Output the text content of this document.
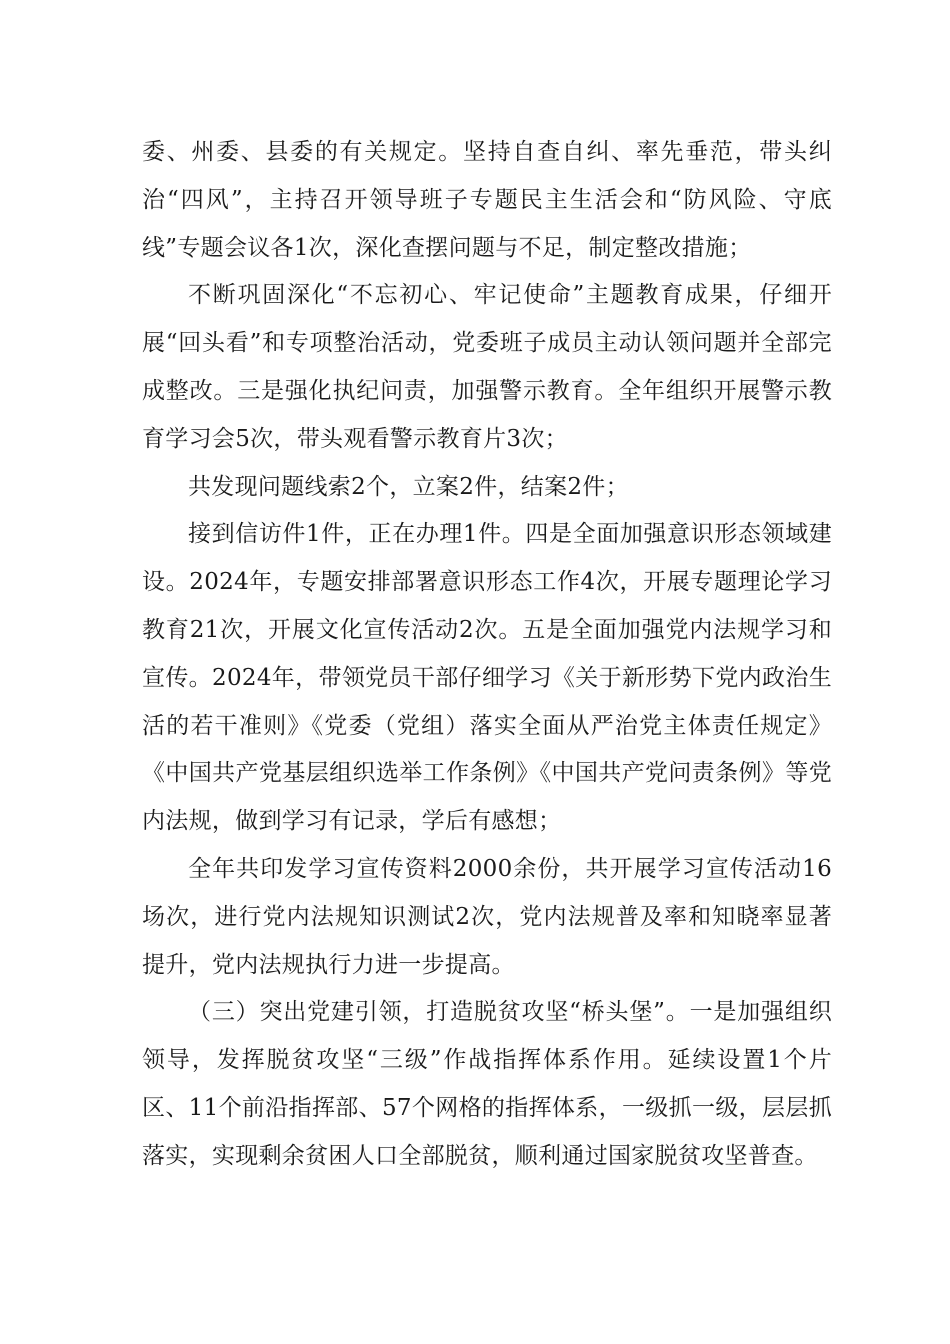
委、州委、县委的有关规定。坚持自查自纠、率先垂范，带头纠治“四风”，主持召开领导班子专题民主生活会和“防风险、守底线”专题会议各1次，深化查摆问题与不足，制定整改措施；

不断巩固深化“不忘初心、牢记使命”主题教育成果，仔细开展“回头看”和专项整治活动，党委班子成员主动认领问题并全部完成整改。三是强化执纪问责，加强警示教育。全年组织开展警示教育学习会5次，带头观看警示教育片3次；

共发现问题线索2个，立案2件，结案2件；

接到信访件1件，正在办理1件。四是全面加强意识形态领域建设。2024年，专题安排部署意识形态工作4次，开展专题理论学习教育21次，开展文化宣传活动2次。五是全面加强党内法规学习和宣传。2024年，带领党员干部仔细学习《关于新形势下党内政治生活的若干准则》《党委（党组）落实全面从严治党主体责任规定》《中国共产党基层组织选举工作条例》《中国共产党问责条例》等党内法规，做到学习有记录，学后有感想；

全年共印发学习宣传资料2000余份，共开展学习宣传活动16场次，进行党内法规知识测试2次，党内法规普及率和知晓率显著提升，党内法规执行力进一步提高。

（三）突出党建引领，打造脱贫攻坚“桥头堡”。一是加强组织领导，发挥脱贫攻坚“三级”作战指挥体系作用。延续设置1个片区、11个前沿指挥部、57个网格的指挥体系，一级抓一级，层层抓落实，实现剩余贫困人口全部脱贫，顺利通过国家脱贫攻坚普查。
